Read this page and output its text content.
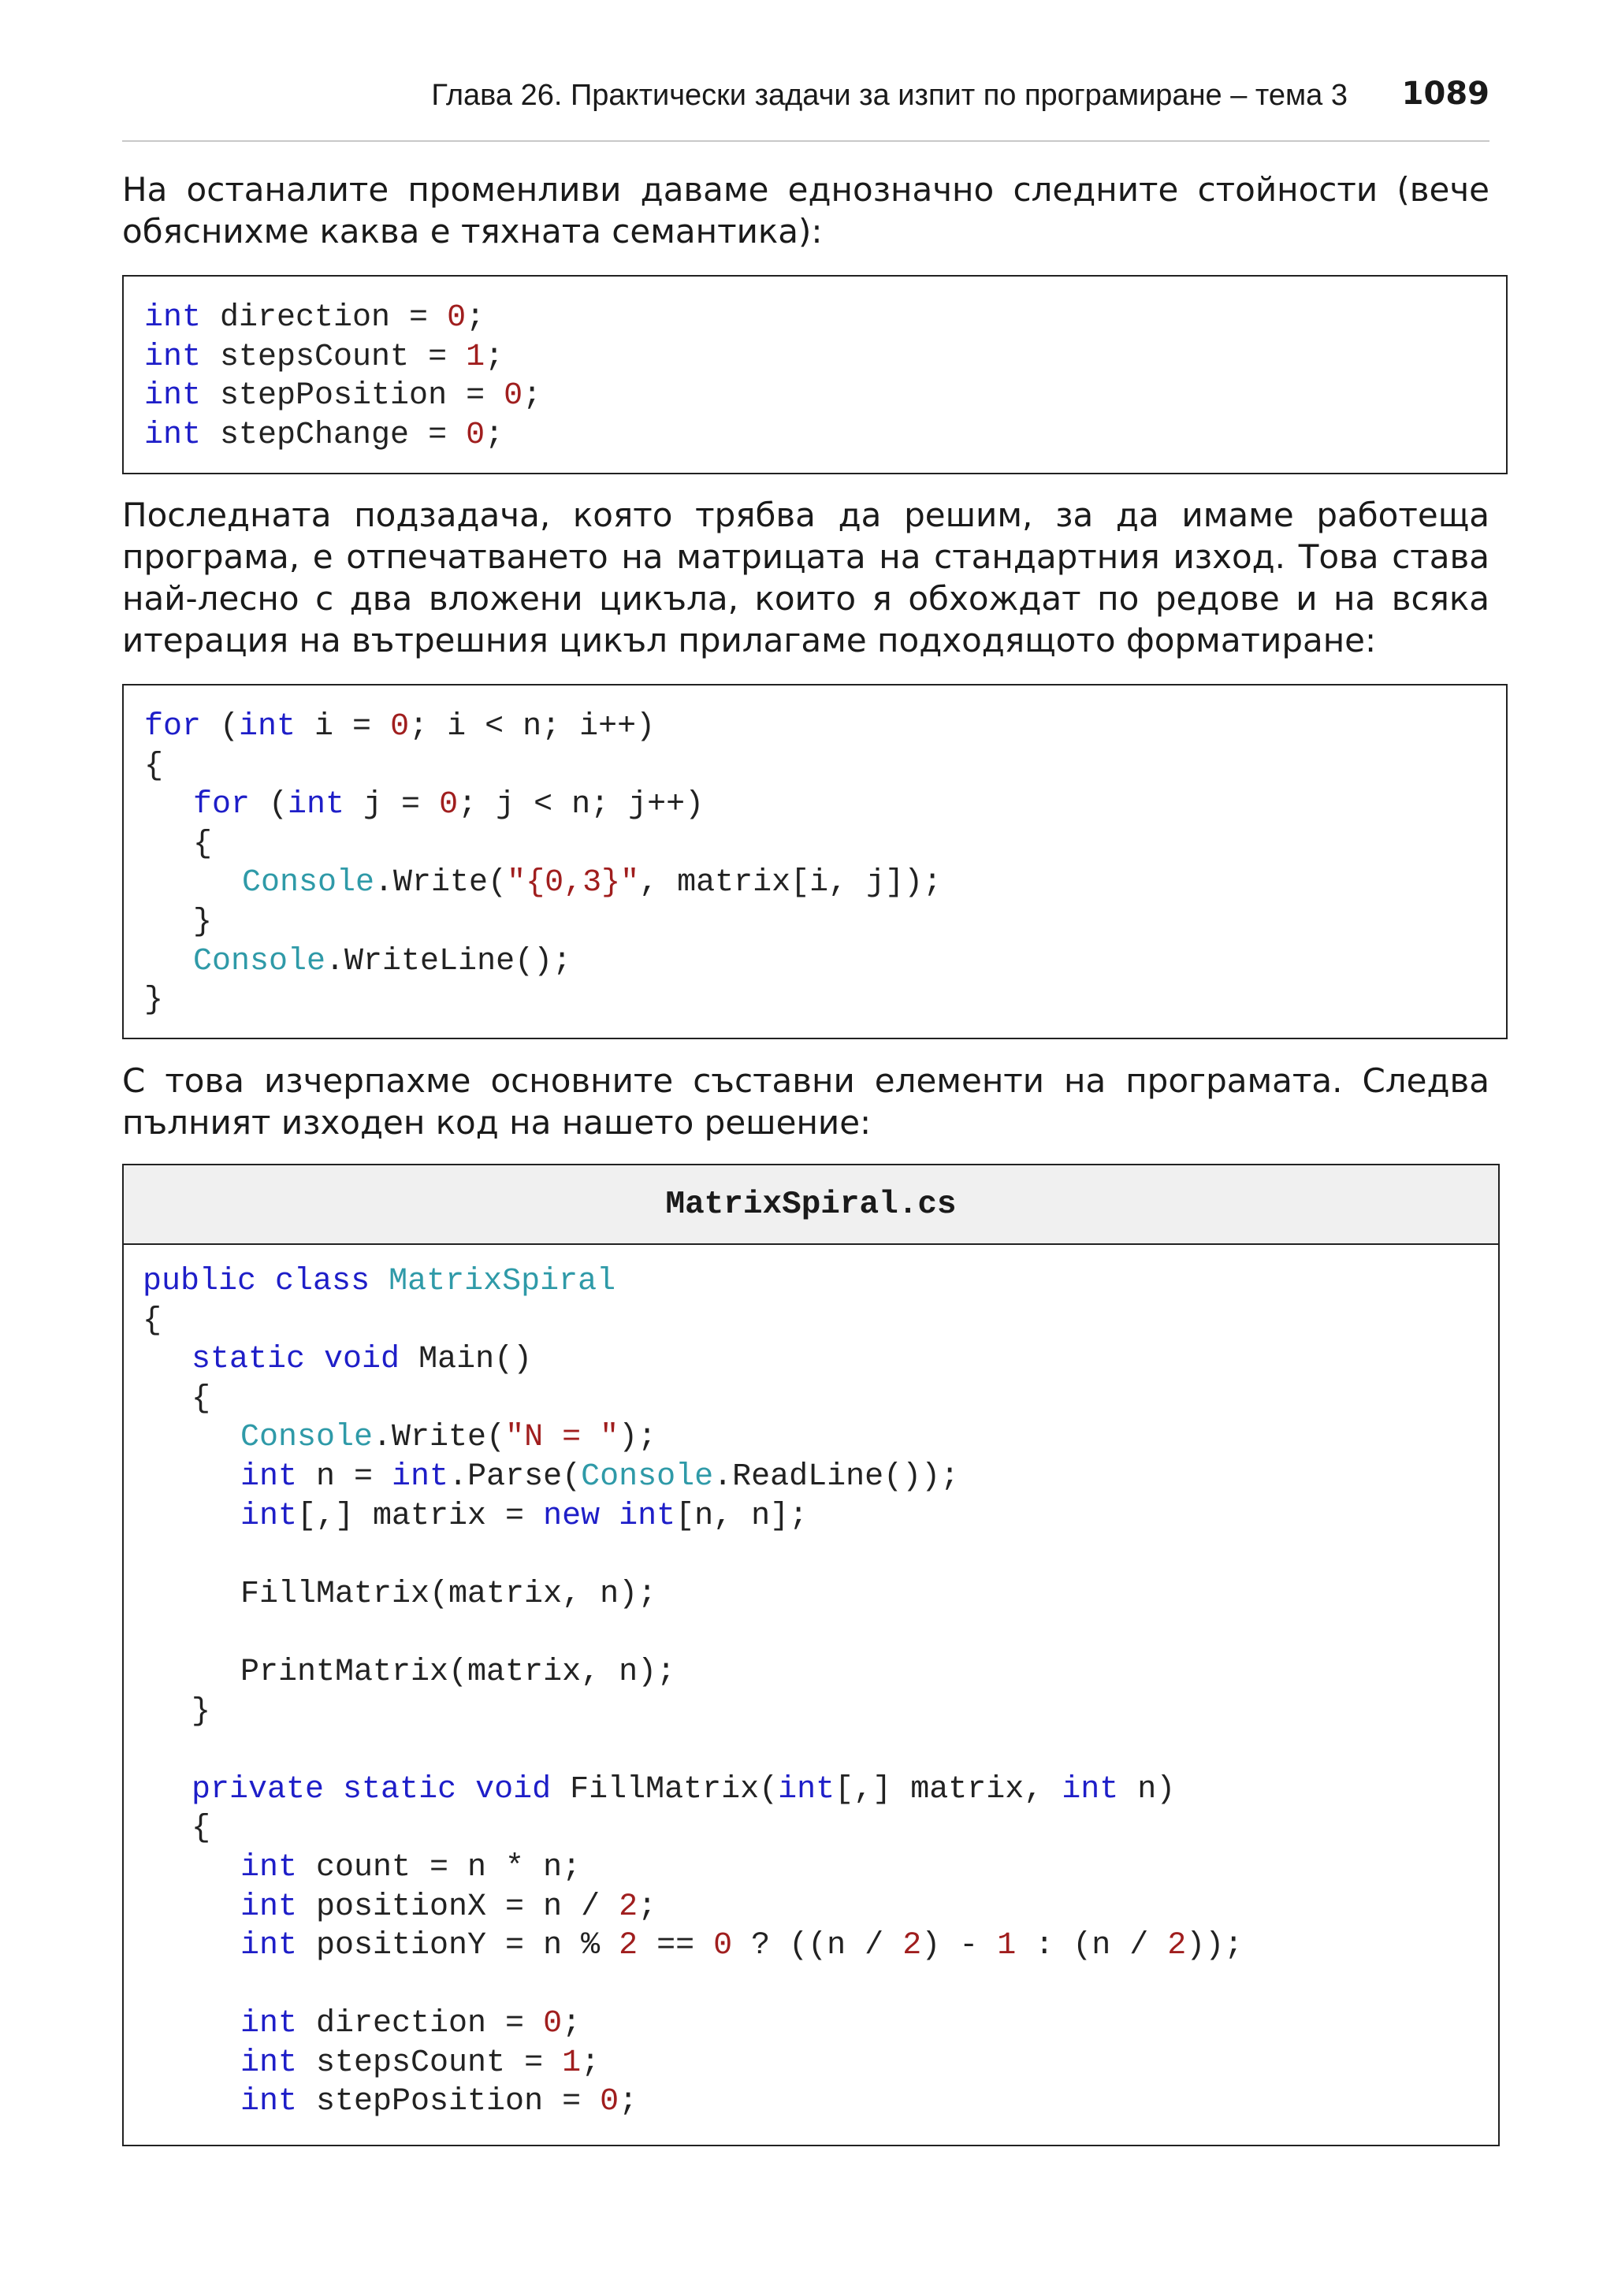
Глава 26. Практически задачи за изпит по програмиране – тема 3 1089
На останалите променливи даваме еднозначно следните стойности (вече обяснихме каква е тяхната семантика):
int direction = 0;
int stepsCount = 1;
int stepPosition = 0;
int stepChange = 0;
Последната подзадача, която трябва да решим, за да имаме работеща програма, е отпечатването на матрицата на стандартния изход. Това става най-лесно с два вложени цикъла, които я обхождат по редове и на всяка итерация на вътрешния цикъл прилагаме подходящото форматиране:
for (int i = 0; i < n; i++)
{
for (int j = 0; j < n; j++)
{
Console.Write("{0,3}", matrix[i, j]);
}
Console.WriteLine();
}
С това изчерпахме основните съставни елементи на програмата. Следва пълният изходен код на нашето решение:
MatrixSpiral.cs
public class MatrixSpiral
{
static void Main()
{
Console.Write("N = ");
int n = int.Parse(Console.ReadLine());
int[,] matrix = new int[n, n];

FillMatrix(matrix, n);

PrintMatrix(matrix, n);
}

private static void FillMatrix(int[,] matrix, int n)
{
int count = n * n;
int positionX = n / 2;
int positionY = n % 2 == 0 ? ((n / 2) - 1 : (n / 2));

int direction = 0;
int stepsCount = 1;
int stepPosition = 0;
